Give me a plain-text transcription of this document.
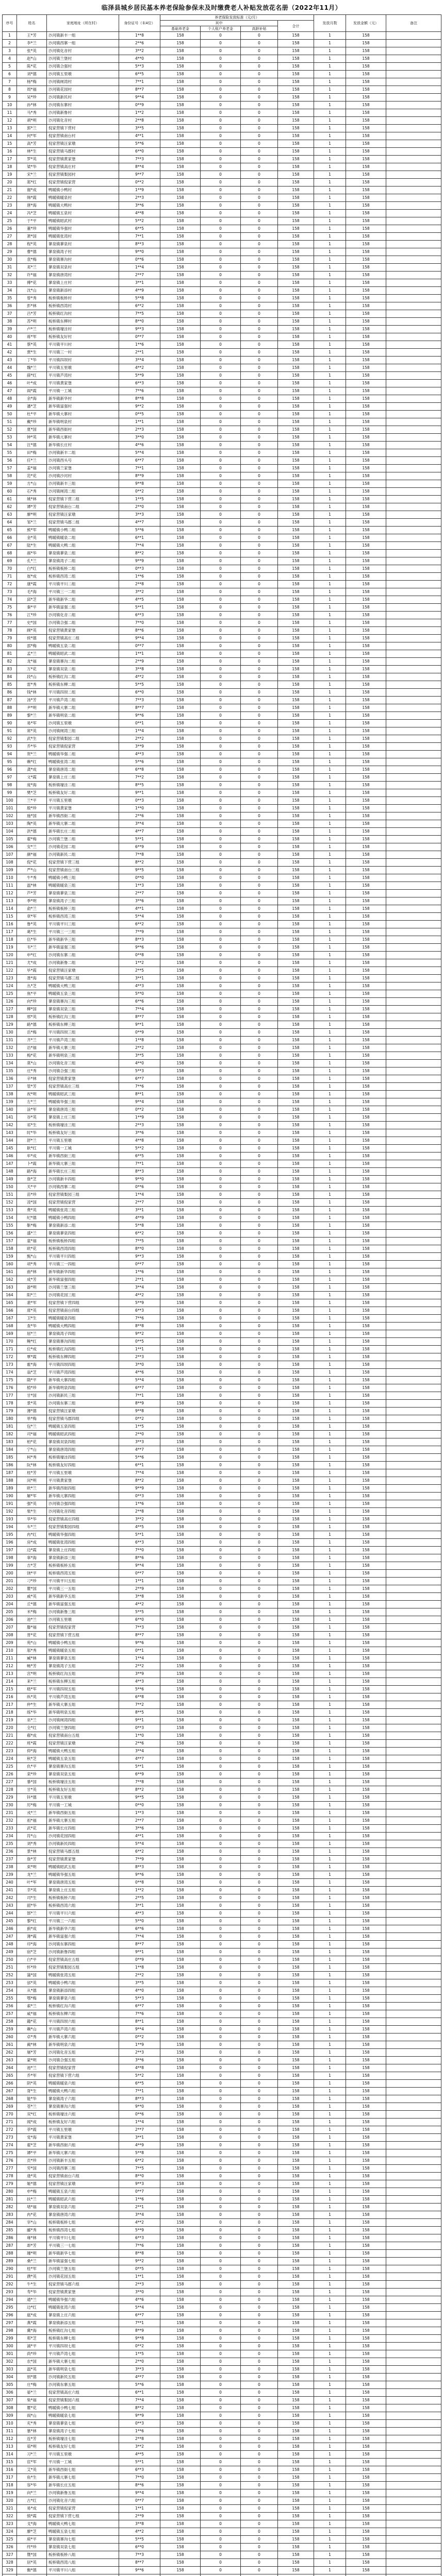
临泽县城乡居民基本养老保险参保未及时缴费老人补贴发放花名册（2022年11月）
序号	姓名	家庭地址（所在村）	身份证号（末4位）	养老保险发放标准（元/月）				发放月数	发放金额（元）	备注
				其中			合计			
				基础养老金	个人账户养老金	高龄补贴				
1	王*芳	沙河镇新丰一组	1**8	158	0	0	158	1	158	
2	李*兰	沙河镇西寨一组	2**6	158	0	0	158	1	158	
3	张*英	沙河镇化音村	3**2	158	0	0	158	1	158	
4	赵*山	沙河镇兰堡村	4**0	158	0	0	158	1	158	
5	陈*花	沙河镇合强村	5**3	158	0	0	158	1	158	
6	刘*德	沙河镇五里墩	6**5	158	0	0	158	1	158	
7	杨*梅	沙河镇闸湾村	7**1	158	0	0	158	1	158	
8	周*福	沙河镇花园村	8**7	158	0	0	158	1	158	
9	吴*珍	沙河镇新民村	9**4	158	0	0	158	1	158	
10	孙*林	沙河镇东寨村	0**9	158	0	0	158	1	158	
11	马*秀	沙河镇新鲁村	1**2	158	0	0	158	1	158	
12	胡*明	沙河镇化音村	2**8	158	0	0	158	1	158	
13	郭*兰	倪家营镇下营村	3**5	158	0	0	158	1	158	
14	何*军	倪家营镇南台村	4**1	158	0	0	158	1	158	
15	高*芳	倪家营镇汪家墩	5**6	158	0	0	158	1	158	
16	林*生	倪家营镇马郡村	6**0	158	0	0	158	1	158	
17	罗*英	倪家营镇黄家堡	7**3	158	0	0	158	1	158	
18	梁*华	倪家营镇高庄村	8**4	158	0	0	158	1	158	
19	宋*兰	倪家营镇梨园村	9**7	158	0	0	158	1	158	
20	郑*红	倪家营镇倪家营	0**2	158	0	0	158	1	158	
21	谢*成	鸭暖镇小鸭村	1**9	158	0	0	158	1	158	
22	韩*霞	鸭暖镇暖泉村	2**3	158	0	0	158	1	158	
23	唐*海	鸭暖镇大鸭村	3**6	158	0	0	158	1	158	
24	冯*芝	鸭暖镇五泉村	4**8	158	0	0	158	1	158	
25	于*平	鸭暖镇昭武村	5**2	158	0	0	158	1	158	
26	董*珍	鸭暖镇华强村	6**5	158	0	0	158	1	158	
27	萧*国	鸭暖镇张湾村	7**1	158	0	0	158	1	158	
28	程*英	蓼泉镇蓼泉村	8**3	158	0	0	158	1	158	
29	曹*德	蓼泉镇湾子村	9**0	158	0	0	158	1	158	
30	袁*梅	蓼泉镇寨沟村	0**6	158	0	0	158	1	158	
31	邓*兰	蓼泉镇双泉村	1**4	158	0	0	158	1	158	
32	许*福	蓼泉镇唐湾村	2**7	158	0	0	158	1	158	
33	傅*花	蓼泉镇上庄村	3**1	158	0	0	158	1	158	
34	沈*山	蓼泉镇新添村	4**9	158	0	0	158	1	158	
35	曾*秀	板桥镇板桥村	5**8	158	0	0	158	1	158	
36	彭*林	板桥镇西湾村	6**2	158	0	0	158	1	158	
37	吕*芳	板桥镇红沟村	7**5	158	0	0	158	1	158	
38	苏*明	板桥镇东柳村	8**0	158	0	0	158	1	158	
39	卢*兰	板桥镇壕洼村	9**3	158	0	0	158	1	158	
40	蒋*军	板桥镇友好村	0**7	158	0	0	158	1	158	
41	蔡*英	平川镇平川村	1**6	158	0	0	158	1	158	
42	贾*生	平川镇三一村	2**1	158	0	0	158	1	158	
43	丁*华	平川镇四坝村	3**4	158	0	0	158	1	158	
44	魏*兰	平川镇五里墩	4**2	158	0	0	158	1	158	
45	薛*红	平川镇芦湾村	5**9	158	0	0	158	1	158	
46	叶*成	平川镇黄家堡	6**3	158	0	0	158	1	158	
47	阎*霞	平川镇一工城	7**6	158	0	0	158	1	158	
48	余*海	新华镇新华村	8**8	158	0	0	158	1	158	
49	潘*芝	新华镇富强村	9**2	158	0	0	158	1	158	
50	杜*平	新华镇大寨村	0**5	158	0	0	158	1	158	
51	戴*珍	新华镇明泉村	1**1	158	0	0	158	1	158	
52	夏*国	新华镇西街村	2**3	158	0	0	158	1	158	
53	钟*英	新华镇亢寨村	3**0	158	0	0	158	1	158	
54	汪*德	新华镇长庄村	4**6	158	0	0	158	1	158	
55	田*梅	沙河镇新丰二组	5**4	158	0	0	158	1	158	
56	任*兰	沙河镇西头号	6**7	158	0	0	158	1	158	
57	姜*福	沙河镇兰家堡	7**1	158	0	0	158	1	158	
58	范*花	沙河镇沙河村	8**9	158	0	0	158	1	158	
59	方*山	沙河镇新丰三组	9**8	158	0	0	158	1	158	
60	石*秀	沙河镇闸湾二组	0**2	158	0	0	158	1	158	
61	姚*林	倪家营镇下营二组	1**5	158	0	0	158	1	158	
62	谭*芳	倪家营镇南台二组	2**0	158	0	0	158	1	158	
63	廖*明	倪家营镇汪家墩	3**3	158	0	0	158	1	158	
64	邹*兰	倪家营镇马郡二组	4**7	158	0	0	158	1	158	
65	熊*军	鸭暖镇小鸭二组	5**6	158	0	0	158	1	158	
66	金*英	鸭暖镇暖泉二组	6**1	158	0	0	158	1	158	
67	陆*生	鸭暖镇大鸭二组	7**4	158	0	0	158	1	158	
68	郝*华	蓼泉镇蓼泉二组	8**2	158	0	0	158	1	158	
69	孔*兰	蓼泉镇湾子二组	9**9	158	0	0	158	1	158	
70	白*红	板桥镇板桥二组	0**3	158	0	0	158	1	158	
71	崔*成	板桥镇西湾二组	1**6	158	0	0	158	1	158	
72	康*霞	平川镇平川二组	2**8	158	0	0	158	1	158	
73	毛*海	平川镇三一二组	3**2	158	0	0	158	1	158	
74	邱*芝	新华镇新华二组	4**5	158	0	0	158	1	158	
75	秦*平	新华镇富强二组	5**1	158	0	0	158	1	158	
76	江*珍	沙河镇化音二组	6**3	158	0	0	158	1	158	
77	史*国	沙河镇合强二组	7**0	158	0	0	158	1	158	
78	顾*英	倪家营镇黄家堡	8**6	158	0	0	158	1	158	
79	侯*德	倪家营镇高庄二组	9**4	158	0	0	158	1	158	
80	邵*梅	鸭暖镇五泉二组	0**7	158	0	0	158	1	158	
81	孟*兰	鸭暖镇昭武二组	1**1	158	0	0	158	1	158	
82	龙*福	蓼泉镇寨沟二组	2**9	158	0	0	158	1	158	
83	万*花	蓼泉镇双泉二组	3**8	158	0	0	158	1	158	
84	段*山	板桥镇红沟二组	4**2	158	0	0	158	1	158	
85	雷*秀	板桥镇东柳二组	5**5	158	0	0	158	1	158	
86	钱*林	平川镇四坝二组	6**0	158	0	0	158	1	158	
87	汤*芳	平川镇芦湾二组	7**3	158	0	0	158	1	158	
88	尹*明	新华镇大寨二组	8**7	158	0	0	158	1	158	
89	黎*兰	新华镇明泉二组	9**6	158	0	0	158	1	158	
90	易*军	沙河镇五里墩	0**1	158	0	0	158	1	158	
91	常*英	沙河镇闸湾三组	1**4	158	0	0	158	1	158	
92	武*生	倪家营镇梨园二组	2**2	158	0	0	158	1	158	
93	乔*华	倪家营镇倪家营	3**9	158	0	0	158	1	158	
94	贺*兰	鸭暖镇华强二组	4**3	158	0	0	158	1	158	
95	赖*红	鸭暖镇张湾二组	5**6	158	0	0	158	1	158	
96	龚*成	蓼泉镇唐湾二组	6**8	158	0	0	158	1	158	
97	文*霞	蓼泉镇上庄二组	7**2	158	0	0	158	1	158	
98	庞*海	板桥镇壕洼二组	8**5	158	0	0	158	1	158	
99	樊*芝	板桥镇友好二组	9**1	158	0	0	158	1	158	
100	兰*平	平川镇五里墩	0**3	158	0	0	158	1	158	
101	殷*珍	平川镇黄家堡	1**0	158	0	0	158	1	158	
102	施*国	新华镇西街二组	2**6	158	0	0	158	1	158	
103	陶*英	新华镇亢寨二组	3**4	158	0	0	158	1	158	
104	洪*德	新华镇长庄二组	4**7	158	0	0	158	1	158	
105	翟*梅	沙河镇兰堡二组	5**1	158	0	0	158	1	158	
106	安*兰	沙河镇花园二组	6**9	158	0	0	158	1	158	
107	颜*福	沙河镇新民二组	7**8	158	0	0	158	1	158	
108	倪*花	倪家营镇下营三组	8**2	158	0	0	158	1	158	
109	严*山	倪家营镇南台三组	9**5	158	0	0	158	1	158	
110	牛*秀	鸭暖镇小鸭三组	0**0	158	0	0	158	1	158	
111	温*林	鸭暖镇暖泉三组	1**3	158	0	0	158	1	158	
112	芦*芳	蓼泉镇蓼泉三组	2**7	158	0	0	158	1	158	
113	季*明	蓼泉镇湾子三组	3**6	158	0	0	158	1	158	
114	俞*兰	板桥镇板桥三组	4**1	158	0	0	158	1	158	
115	章*军	板桥镇西湾三组	5**4	158	0	0	158	1	158	
116	鲁*英	平川镇平川三组	6**2	158	0	0	158	1	158	
117	葛*生	平川镇三一三组	7**9	158	0	0	158	1	158	
118	伍*华	新华镇新华三组	8**3	158	0	0	158	1	158	
119	韦*兰	新华镇富强三组	9**6	158	0	0	158	1	158	
120	申*红	沙河镇东寨二组	0**8	158	0	0	158	1	158	
121	尤*成	沙河镇新鲁二组	1**2	158	0	0	158	1	158	
122	毕*霞	倪家营镇汪家墩	2**5	158	0	0	158	1	158	
123	聂*海	倪家营镇马郡三组	3**1	158	0	0	158	1	158	
124	丛*芝	鸭暖镇大鸭三组	4**3	158	0	0	158	1	158	
125	焦*平	鸭暖镇五泉三组	5**0	158	0	0	158	1	158	
126	向*珍	蓼泉镇寨沟三组	6**6	158	0	0	158	1	158	
127	柳*国	蓼泉镇双泉三组	7**4	158	0	0	158	1	158	
128	邢*英	板桥镇红沟三组	8**7	158	0	0	158	1	158	
129	路*德	板桥镇东柳三组	9**1	158	0	0	158	1	158	
130	岳*梅	平川镇四坝三组	0**9	158	0	0	158	1	158	
131	齐*兰	平川镇芦湾三组	1**8	158	0	0	158	1	158	
132	沿*福	新华镇大寨三组	2**2	158	0	0	158	1	158	
133	梅*花	新华镇明泉三组	3**5	158	0	0	158	1	158	
134	莫*山	沙河镇化音三组	4**0	158	0	0	158	1	158	
135	庄*秀	沙河镇合强三组	5**3	158	0	0	158	1	158	
136	辛*林	倪家营镇黄家堡	6**7	158	0	0	158	1	158	
137	管*芳	倪家营镇高庄三组	7**6	158	0	0	158	1	158	
138	祝*明	鸭暖镇昭武三组	8**1	158	0	0	158	1	158	
139	左*兰	鸭暖镇华强三组	9**4	158	0	0	158	1	158	
140	涂*军	蓼泉镇唐湾三组	0**2	158	0	0	158	1	158	
141	谷*英	蓼泉镇上庄三组	1**9	158	0	0	158	1	158	
142	祁*生	板桥镇壕洼三组	2**3	158	0	0	158	1	158	
143	时*华	板桥镇友好三组	3**6	158	0	0	158	1	158	
144	舒*兰	平川镇五里墩	4**8	158	0	0	158	1	158	
145	耿*红	平川镇一工城	5**2	158	0	0	158	1	158	
146	牟*成	新华镇西街三组	6**5	158	0	0	158	1	158	
147	卜*霞	新华镇亢寨三组	7**1	158	0	0	158	1	158	
148	路*海	新华镇长庄三组	8**3	158	0	0	158	1	158	
149	詹*芝	沙河镇新丰四组	9**0	158	0	0	158	1	158	
150	关*平	沙河镇西寨二组	0**6	158	0	0	158	1	158	
151	苗*珍	倪家营镇梨园三组	1**4	158	0	0	158	1	158	
152	凌*国	倪家营镇倪家营	2**7	158	0	0	158	1	158	
153	费*英	鸭暖镇张湾三组	3**1	158	0	0	158	1	158	
154	纪*德	鸭暖镇小鸭四组	4**9	158	0	0	158	1	158	
155	靳*梅	蓼泉镇新添二组	5**8	158	0	0	158	1	158	
156	盛*兰	蓼泉镇蓼泉四组	6**2	158	0	0	158	1	158	
157	童*福	板桥镇板桥四组	7**5	158	0	0	158	1	158	
158	欧*花	板桥镇西湾四组	8**0	158	0	0	158	1	158	
159	甄*山	平川镇平川四组	9**3	158	0	0	158	1	158	
160	项*秀	平川镇三一四组	0**7	158	0	0	158	1	158	
161	曲*林	新华镇新华四组	1**6	158	0	0	158	1	158	
162	成*芳	新华镇富强四组	2**1	158	0	0	158	1	158	
163	游*明	沙河镇兰堡三组	3**4	158	0	0	158	1	158	
164	阳*兰	沙河镇花园三组	4**2	158	0	0	158	1	158	
165	裴*军	倪家营镇下营四组	5**9	158	0	0	158	1	158	
166	席*英	倪家营镇南台四组	6**3	158	0	0	158	1	158	
167	卫*生	鸭暖镇暖泉四组	7**6	158	0	0	158	1	158	
168	查*华	鸭暖镇大鸭四组	8**8	158	0	0	158	1	158	
169	屈*兰	蓼泉镇湾子四组	9**2	158	0	0	158	1	158	
170	鲍*红	蓼泉镇寨沟四组	0**5	158	0	0	158	1	158	
171	位*成	板桥镇红沟四组	1**1	158	0	0	158	1	158	
172	覃*霞	板桥镇东柳四组	2**3	158	0	0	158	1	158	
173	霍*海	平川镇四坝四组	3**0	158	0	0	158	1	158	
174	翁*芝	平川镇芦湾四组	4**6	158	0	0	158	1	158	
175	隋*平	新华镇大寨四组	5**4	158	0	0	158	1	158	
176	植*珍	新华镇明泉四组	6**7	158	0	0	158	1	158	
177	甘*国	沙河镇新民三组	7**1	158	0	0	158	1	158	
178	景*英	沙河镇东寨三组	8**9	158	0	0	158	1	158	
179	薄*德	倪家营镇汪家墩	9**8	158	0	0	158	1	158	
180	单*梅	倪家营镇马郡四组	0**2	158	0	0	158	1	158	
181	包*兰	鸭暖镇五泉四组	1**5	158	0	0	158	1	158	
182	司*福	鸭暖镇昭武四组	2**0	158	0	0	158	1	158	
183	柏*花	蓼泉镇双泉四组	3**3	158	0	0	158	1	158	
184	宁*山	蓼泉镇唐湾四组	4**7	158	0	0	158	1	158	
185	柯*秀	板桥镇壕洼四组	5**6	158	0	0	158	1	158	
186	阮*林	板桥镇友好四组	6**1	158	0	0	158	1	158	
187	桂*芳	平川镇五里墩	7**4	158	0	0	158	1	158	
188	闵*明	平川镇黄家堡	8**2	158	0	0	158	1	158	
189	欧*兰	新华镇西街四组	9**9	158	0	0	158	1	158	
190	解*军	新华镇亢寨四组	0**3	158	0	0	158	1	158	
191	强*英	沙河镇合强四组	1**6	158	0	0	158	1	158	
192	柴*生	沙河镇化音四组	2**8	158	0	0	158	1	158	
193	华*华	倪家营镇高庄四组	3**2	158	0	0	158	1	158	
194	车*兰	倪家营镇梨园四组	4**5	158	0	0	158	1	158	
195	冉*红	鸭暖镇华强四组	5**1	158	0	0	158	1	158	
196	房*成	鸭暖镇张湾四组	6**3	158	0	0	158	1	158	
197	边*霞	蓼泉镇上庄四组	7**0	158	0	0	158	1	158	
198	辜*海	蓼泉镇新添三组	8**6	158	0	0	158	1	158	
199	吉*芝	板桥镇板桥五组	9**4	158	0	0	158	1	158	
200	饶*平	板桥镇西湾五组	0**7	158	0	0	158	1	158	
201	刁*珍	平川镇平川五组	1**1	158	0	0	158	1	158	
202	瞿*国	平川镇三一五组	2**9	158	0	0	158	1	158	
203	戚*英	新华镇新华五组	3**8	158	0	0	158	1	158	
204	丘*德	新华镇富强五组	4**2	158	0	0	158	1	158	
205	米*梅	沙河镇新鲁三组	5**5	158	0	0	158	1	158	
206	池*兰	沙河镇五里墩	6**0	158	0	0	158	1	158	
207	滕*福	倪家营镇倪家营	7**3	158	0	0	158	1	158	
208	晋*花	倪家营镇下营五组	8**7	158	0	0	158	1	158	
209	苑*山	鸭暖镇小鸭五组	9**6	158	0	0	158	1	158	
210	邬*秀	鸭暖镇暖泉五组	0**1	158	0	0	158	1	158	
211	臧*林	蓼泉镇蓼泉五组	1**4	158	0	0	158	1	158	
212	畅*芳	蓼泉镇湾子五组	2**2	158	0	0	158	1	158	
213	宫*明	板桥镇红沟五组	3**9	158	0	0	158	1	158	
214	来*兰	板桥镇东柳五组	4**3	158	0	0	158	1	158	
215	嵇*军	平川镇四坝五组	5**6	158	0	0	158	1	158	
216	纵*英	平川镇芦湾五组	6**8	158	0	0	158	1	158	
217	仲*生	新华镇大寨五组	7**2	158	0	0	158	1	158	
218	练*华	新华镇明泉五组	8**5	158	0	0	158	1	158	
219	巫*兰	沙河镇闸湾四组	9**1	158	0	0	158	1	158	
220	全*红	沙河镇兰堡四组	0**3	158	0	0	158	1	158	
221	郗*成	倪家营镇南台五组	1**0	158	0	0	158	1	158	
222	班*霞	倪家营镇汪家墩	2**6	158	0	0	158	1	158	
223	仰*海	鸭暖镇大鸭五组	3**4	158	0	0	158	1	158	
224	秋*芝	鸭暖镇五泉五组	4**7	158	0	0	158	1	158	
225	仇*平	蓼泉镇寨沟五组	5**1	158	0	0	158	1	158	
226	栾*珍	蓼泉镇双泉五组	6**9	158	0	0	158	1	158	
227	暴*国	板桥镇壕洼五组	7**8	158	0	0	158	1	158	
228	甘*英	板桥镇友好五组	8**2	158	0	0	158	1	158	
229	钭*德	平川镇五里墩	9**5	158	0	0	158	1	158	
230	厉*梅	平川镇一工城	0**0	158	0	0	158	1	158	
231	戎*兰	新华镇西街五组	1**3	158	0	0	158	1	158	
232	祖*福	新华镇亢寨五组	2**7	158	0	0	158	1	158	
233	武*花	新华镇长庄四组	3**6	158	0	0	158	1	158	
234	符*山	沙河镇花园四组	4**1	158	0	0	158	1	158	
235	刘*秀	沙河镇新民四组	5**4	158	0	0	158	1	158	
236	景*林	倪家营镇马郡五组	6**2	158	0	0	158	1	158	
237	詹*芳	倪家营镇黄家堡	7**9	158	0	0	158	1	158	
238	束*明	鸭暖镇昭武五组	8**3	158	0	0	158	1	158	
239	龙*兰	鸭暖镇华强五组	9**6	158	0	0	158	1	158	
240	叶*军	蓼泉镇唐湾五组	0**8	158	0	0	158	1	158	
241	幸*英	蓼泉镇上庄五组	1**2	158	0	0	158	1	158	
242	司*生	板桥镇板桥六组	2**5	158	0	0	158	1	158	
243	韶*华	板桥镇西湾六组	3**1	158	0	0	158	1	158	
244	郜*兰	平川镇平川六组	4**3	158	0	0	158	1	158	
245	黎*红	平川镇三一六组	5**0	158	0	0	158	1	158	
246	蓟*成	新华镇新华六组	6**6	158	0	0	158	1	158	
247	薄*霞	新华镇富强六组	7**4	158	0	0	158	1	158	
248	印*海	沙河镇东寨四组	8**7	158	0	0	158	1	158	
249	宿*芝	沙河镇新鲁四组	9**1	158	0	0	158	1	158	
250	白*平	倪家营镇高庄五组	0**9	158	0	0	158	1	158	
251	怀*珍	倪家营镇梨园五组	1**8	158	0	0	158	1	158	
252	蒲*国	鸭暖镇张湾五组	2**2	158	0	0	158	1	158	
253	邰*英	鸭暖镇小鸭六组	3**5	158	0	0	158	1	158	
254	从*德	蓼泉镇新添四组	4**0	158	0	0	158	1	158	
255	鄂*梅	蓼泉镇蓼泉六组	5**3	158	0	0	158	1	158	
256	索*兰	板桥镇红沟六组	6**7	158	0	0	158	1	158	
257	咸*福	板桥镇东柳六组	7**6	158	0	0	158	1	158	
258	籍*花	平川镇四坝六组	8**1	158	0	0	158	1	158	
259	赖*山	平川镇芦湾六组	9**4	158	0	0	158	1	158	
260	卓*秀	新华镇大寨六组	0**2	158	0	0	158	1	158	
261	蔺*林	新华镇明泉六组	1**9	158	0	0	158	1	158	
262	屠*芳	沙河镇化音五组	2**3	158	0	0	158	1	158	
263	蒙*明	沙河镇合强五组	3**6	158	0	0	158	1	158	
264	池*兰	倪家营镇倪家营	4**8	158	0	0	158	1	158	
265	乔*军	倪家营镇下营六组	5**2	158	0	0	158	1	158	
266	阴*英	鸭暖镇暖泉六组	6**5	158	0	0	158	1	158	
267	胥*生	鸭暖镇大鸭六组	7**1	158	0	0	158	1	158	
268	能*华	蓼泉镇湾子六组	8**3	158	0	0	158	1	158	
269	苍*兰	蓼泉镇寨沟六组	9**0	158	0	0	158	1	158	
270	双*红	板桥镇壕洼六组	0**6	158	0	0	158	1	158	
271	闻*成	板桥镇友好六组	1**4	158	0	0	158	1	158	
272	莘*霞	平川镇五里墩	2**7	158	0	0	158	1	158	
273	党*海	平川镇黄家堡	3**1	158	0	0	158	1	158	
274	翟*芝	新华镇西街六组	4**9	158	0	0	158	1	158	
275	谭*平	新华镇亢寨六组	5**8	158	0	0	158	1	158	
276	贡*珍	沙河镇新丰五组	6**2	158	0	0	158	1	158	
277	劳*国	沙河镇西寨三组	7**5	158	0	0	158	1	158	
278	逄*英	倪家营镇南台六组	8**0	158	0	0	158	1	158	
279	姬*德	倪家营镇汪家墩	9**3	158	0	0	158	1	158	
280	申*梅	鸭暖镇五泉六组	0**7	158	0	0	158	1	158	
281	扶*兰	鸭暖镇昭武六组	1**6	158	0	0	158	1	158	
282	堵*福	蓼泉镇双泉六组	2**1	158	0	0	158	1	158	
283	冉*花	蓼泉镇唐湾六组	3**4	158	0	0	158	1	158	
284	宰*山	板桥镇板桥七组	4**2	158	0	0	158	1	158	
285	郦*秀	板桥镇西湾七组	5**9	158	0	0	158	1	158	
286	雍*林	平川镇平川七组	6**3	158	0	0	158	1	158	
287	却*芳	平川镇三一七组	7**6	158	0	0	158	1	158	
288	璩*明	新华镇新华七组	8**8	158	0	0	158	1	158	
289	桑*兰	新华镇富强七组	9**2	158	0	0	158	1	158	
290	桂*军	沙河镇兰堡五组	0**5	158	0	0	158	1	158	
291	濮*英	沙河镇花园五组	1**1	158	0	0	158	1	158	
292	牛*生	倪家营镇马郡六组	2**3	158	0	0	158	1	158	
293	寿*华	倪家营镇黄家堡	3**0	158	0	0	158	1	158	
294	通*兰	鸭暖镇华强六组	4**6	158	0	0	158	1	158	
295	边*红	鸭暖镇张湾六组	5**4	158	0	0	158	1	158	
296	扈*成	蓼泉镇上庄六组	6**7	158	0	0	158	1	158	
297	燕*霞	蓼泉镇新添五组	7**1	158	0	0	158	1	158	
298	冀*海	板桥镇红沟七组	8**9	158	0	0	158	1	158	
299	郏*芝	板桥镇东柳七组	9**8	158	0	0	158	1	158	
300	浦*平	平川镇四坝七组	0**2	158	0	0	158	1	158	
301	尚*珍	平川镇芦湾七组	1**5	158	0	0	158	1	158	
302	农*国	新华镇大寨七组	2**0	158	0	0	158	1	158	
303	温*英	新华镇明泉七组	3**3	158	0	0	158	1	158	
304	别*德	沙河镇新民五组	4**7	158	0	0	158	1	158	
305	庄*梅	沙河镇东寨五组	5**6	158	0	0	158	1	158	
306	晏*兰	倪家营镇高庄六组	6**1	158	0	0	158	1	158	
307	柴*福	倪家营镇梨园六组	7**4	158	0	0	158	1	158	
308	瞿*花	鸭暖镇小鸭七组	8**2	158	0	0	158	1	158	
309	阎*山	鸭暖镇暖泉七组	9**9	158	0	0	158	1	158	
310	充*秀	蓼泉镇蓼泉七组	0**3	158	0	0	158	1	158	
311	慕*林	蓼泉镇湾子七组	1**6	158	0	0	158	1	158	
312	连*芳	板桥镇壕洼七组	2**8	158	0	0	158	1	158	
313	茹*明	板桥镇友好七组	3**2	158	0	0	158	1	158	
314	习*兰	平川镇五里墩	4**5	158	0	0	158	1	158	
315	宦*军	平川镇一工城	5**1	158	0	0	158	1	158	
316	艾*英	新华镇西街七组	6**3	158	0	0	158	1	158	
317	鱼*生	新华镇亢寨七组	7**0	158	0	0	158	1	158	
318	容*华	新华镇长庄五组	8**6	158	0	0	158	1	158	
319	向*兰	沙河镇新鲁五组	9**4	158	0	0	158	1	158	
320	古*红	沙河镇化音六组	0**7	158	0	0	158	1	158	
321	易*成	倪家营镇倪家营	1**1	158	0	0	158	1	158	
322	慎*霞	倪家营镇下营七组	2**9	158	0	0	158	1	158	
323	戈*海	鸭暖镇大鸭七组	3**8	158	0	0	158	1	158	
324	廖*芝	鸭暖镇五泉七组	4**2	158	0	0	158	1	158	
325	庾*平	蓼泉镇寨沟七组	5**5	158	0	0	158	1	158	
326	终*珍	蓼泉镇双泉七组	6**0	158	0	0	158	1	158	
327	暨*国	板桥镇板桥八组	7**3	158	0	0	158	1	158	
328	居*英	板桥镇西湾八组	8**7	158	0	0	158	1	158	
329	衡*德	平川镇平川八组	9**6	158	0	0	158	1	158	
